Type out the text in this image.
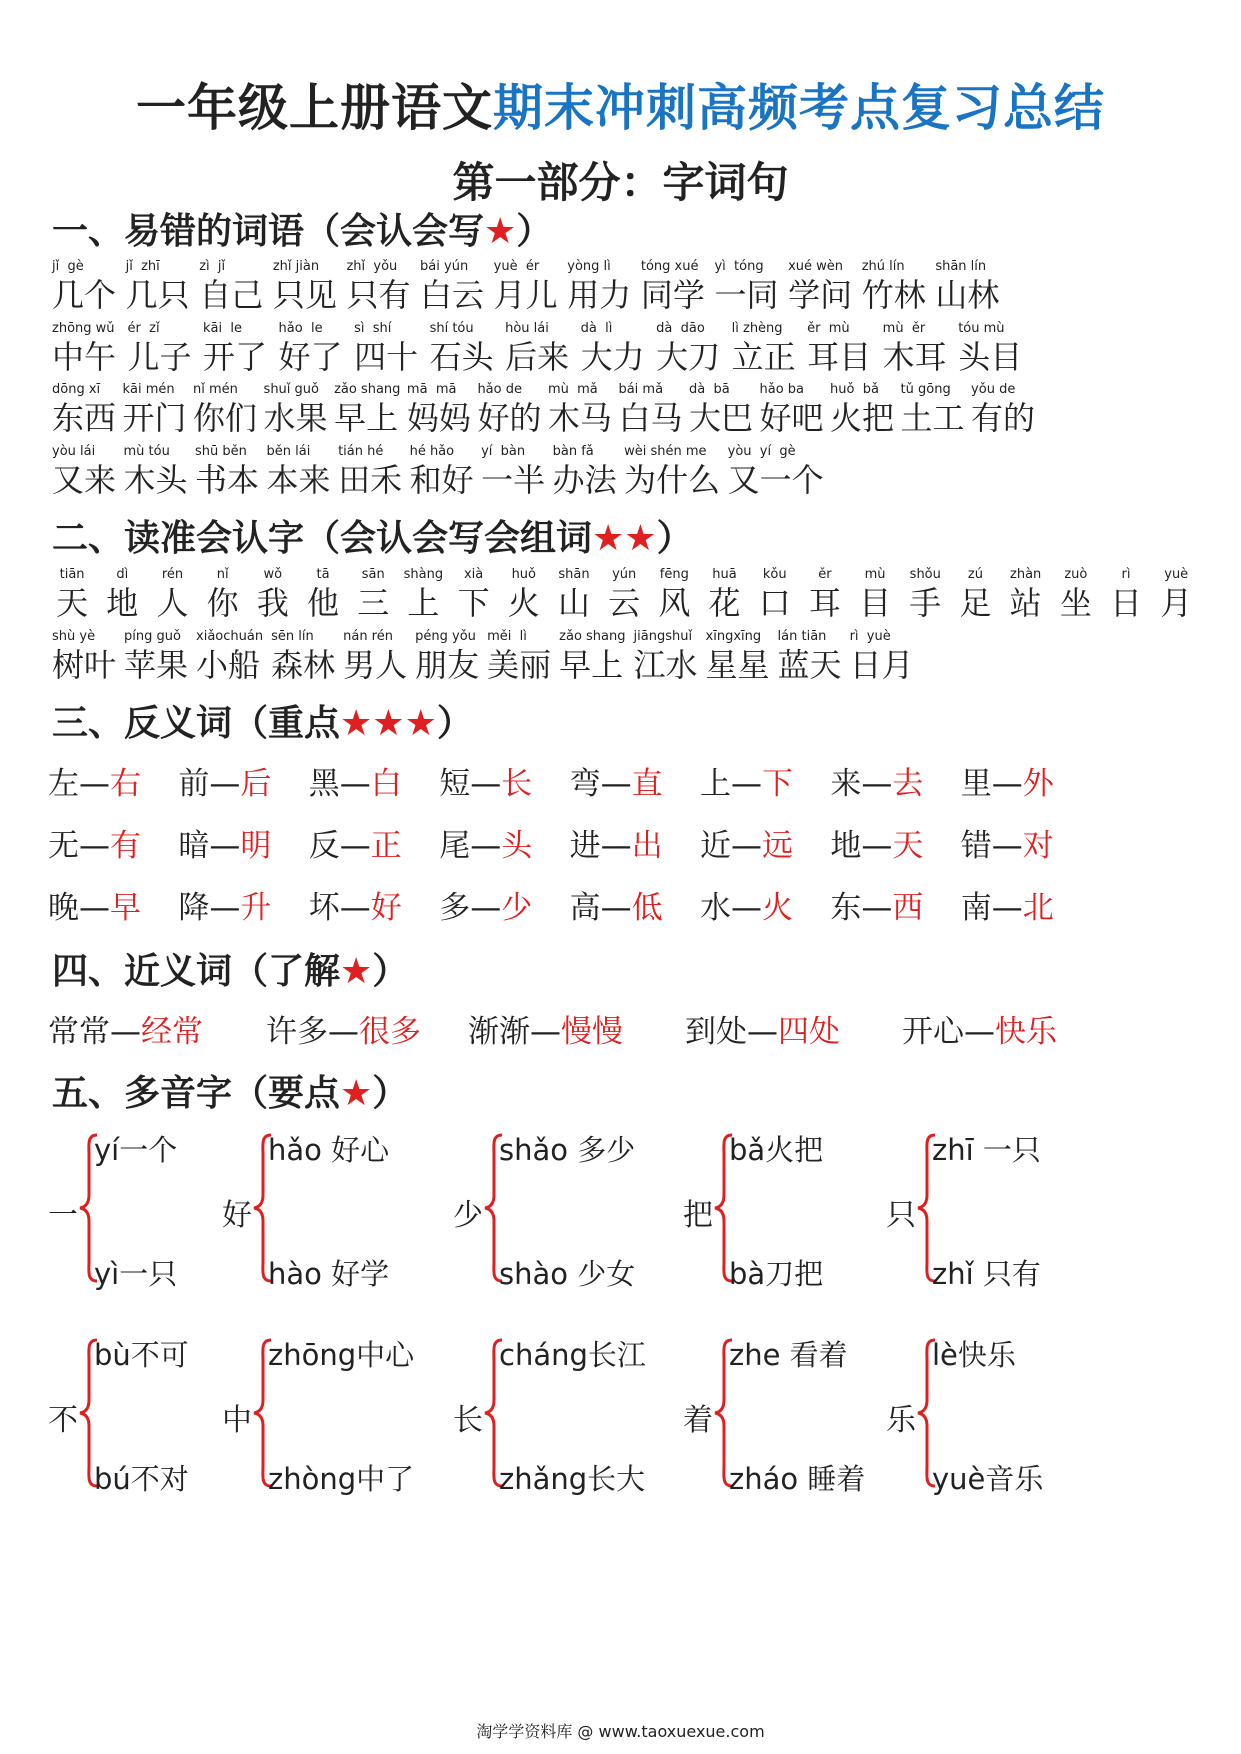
一年级上册语文期末冲刺高频考点复习总结
第一部分：字词句
一、易错的词语（会认会写★）
二、读准会认字（会认会写会组词★★）
三、反义词（重点★★★）
四、近义词（了解★）
五、多音字（要点★）
jǐ  gè
几个
jǐ  zhī
几只
zì  jǐ
自己
zhǐ jiàn
只见
zhǐ  yǒu
只有
bái yún
白云
yuè  ér
月儿
yòng lì
用力
tóng xué
同学
yì  tóng
一同
xué wèn
学问
zhú lín
竹林
shān lín
山林
zhōng wǔ
中午
ér  zǐ
儿子
kāi  le
开了
hǎo  le
好了
sì  shí
四十
shí tóu
石头
hòu lái
后来
dà  lì
大力
dà  dāo
大刀
lì zhèng
立正
ěr  mù
耳目
mù  ěr
木耳
tóu mù
头目
dōng xī
东西
kāi mén
开门
nǐ mén
你们
shuǐ guǒ
水果
zǎo shang
早上
mā  mā
妈妈
hǎo de
好的
mù  mǎ
木马
bái mǎ
白马
dà  bā
大巴
hǎo ba
好吧
huǒ  bǎ
火把
tǔ gōng
土工
yǒu de
有的
yòu lái
又来
mù tóu
木头
shū běn
书本
běn lái
本来
tián hé
田禾
hé hǎo
和好
yí  bàn
一半
bàn fǎ
办法
wèi shén me
为什么
yòu  yí  gè
又一个
tiān
天
dì
地
rén
人
nǐ
你
wǒ
我
tā
他
sān
三
shàng
上
xià
下
huǒ
火
shān
山
yún
云
fēng
风
huā
花
kǒu
口
ěr
耳
mù
目
shǒu
手
zú
足
zhàn
站
zuò
坐
rì
日
yuè
月
shù yè
树叶
píng guǒ
苹果
xiǎochuán
小船
sēn lín
森林
nán rén
男人
péng yǒu
朋友
měi  lì
美丽
zǎo shang
早上
jiāngshuǐ
江水
xīngxīng
星星
lán tiān
蓝天
rì  yuè
日月
左—右 前—后 黑—白 短—长 弯—直 上—下 来—去 里—外
无—有 暗—明 反—正 尾—头 进—出 近—远 地—天 错—对
晚—早 降—升 坏—好 多—少 高—低 水—火 东—西 南—北
常常—经常 许多—很多 渐渐—慢慢 到处—四处 开心—快乐
一
yí一个
yì一只
好
hǎo 好心
hào 好学
少
shǎo 多少
shào 少女
把
bǎ火把
bà刀把
只
zhī 一只
zhǐ 只有
不
bù不可
bú不对
中
zhōng中心
zhòng中了
长
cháng长江
zhǎng长大
着
zhe 看着
zháo 睡着
乐
lè快乐
yuè音乐
淘学学资料库 @ www.taoxuexue.com
